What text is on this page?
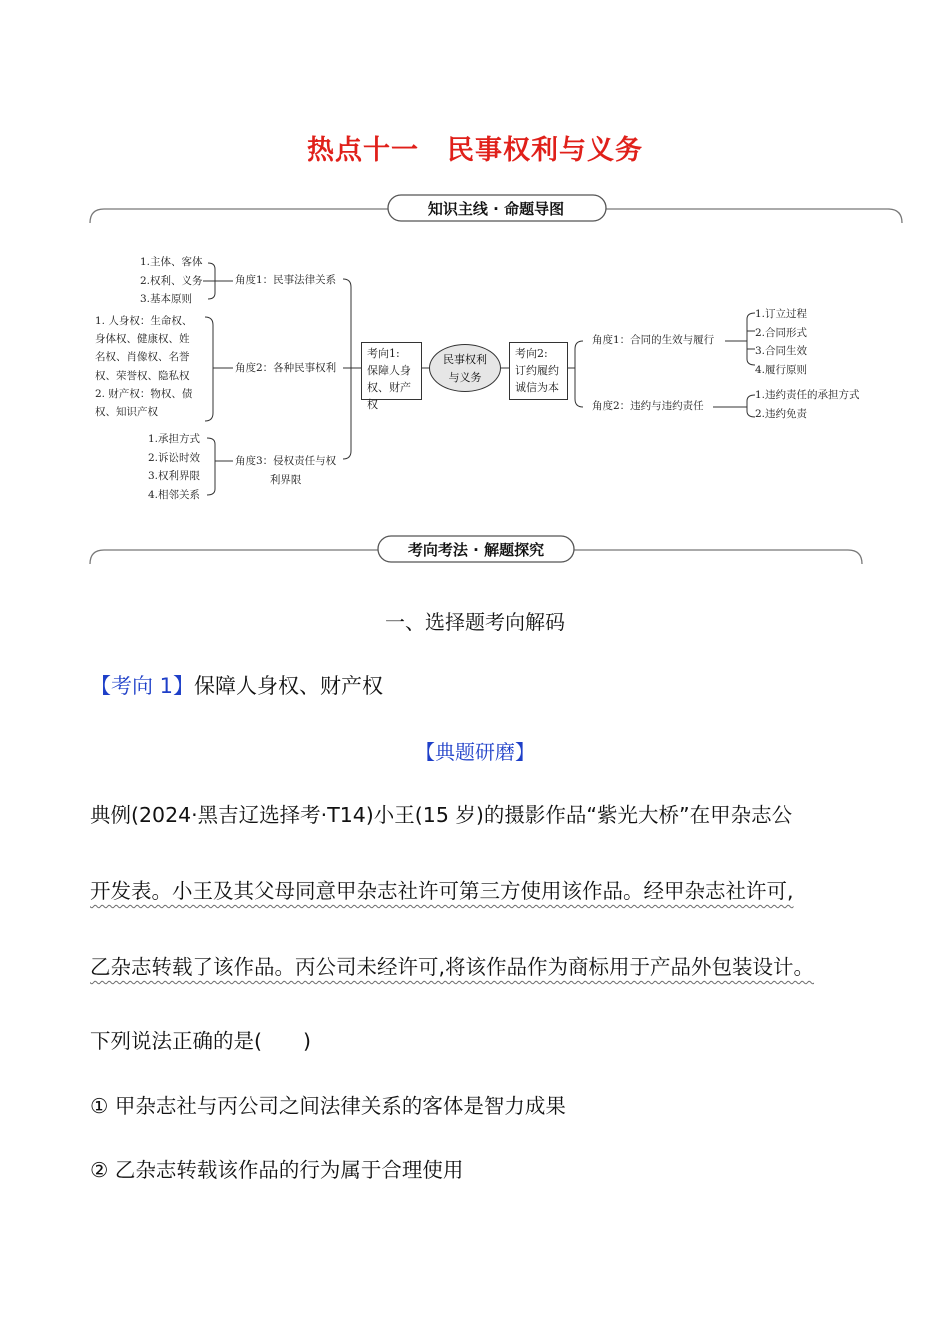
热点十一　民事权利与义务
知识主线 · 命题导图
1.主体、客体
2.权利、义务
3.基本原则
角度1：民事法律关系
1. 人身权：生命权、
身体权、健康权、姓
名权、肖像权、名誉
权、荣誉权、隐私权
2. 财产权：物权、债
权、知识产权
角度2：各种民事权利
1.承担方式
2.诉讼时效
3.权利界限
4.相邻关系
角度3：侵权责任与权
利界限
考向1:
保障人身
权、财产权
民事权利
与义务
考向2:
订约履约
诚信为本
角度1：合同的生效与履行
角度2：违约与违约责任
1.订立过程
2.合同形式
3.合同生效
4.履行原则
1.违约责任的承担方式
2.违约免责
考向考法 · 解题探究
一、选择题考向解码
【考向 1】保障人身权、财产权
【典题研磨】
典例(2024·黑吉辽选择考·T14)小王(15 岁)的摄影作品“紫光大桥”在甲杂志公
开发表。小王及其父母同意甲杂志社许可第三方使用该作品。经甲杂志社许可,
乙杂志转载了该作品。丙公司未经许可,将该作品作为商标用于产品外包装设计。
下列说法正确的是(　　)
① 甲杂志社与丙公司之间法律关系的客体是智力成果
② 乙杂志转载该作品的行为属于合理使用
